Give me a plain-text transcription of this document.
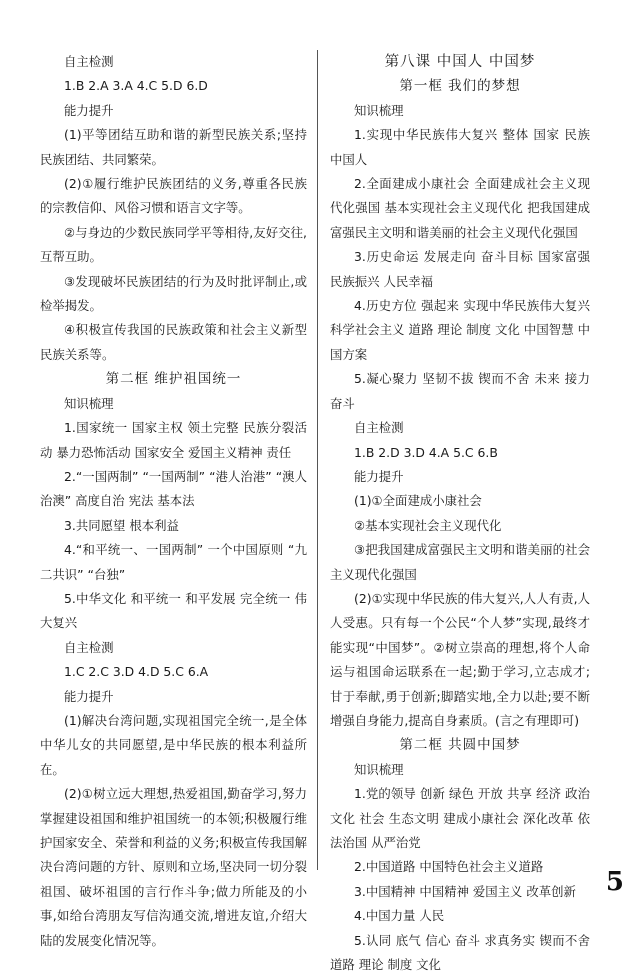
自主检测

1.B 2.A 3.A 4.C 5.D 6.D

能力提升

(1)平等团结互助和谐的新型民族关系;坚持民族团结、共同繁荣。

(2)①履行维护民族团结的义务,尊重各民族的宗教信仰、风俗习惯和语言文字等。

②与身边的少数民族同学平等相待,友好交往,互帮互助。

③发现破坏民族团结的行为及时批评制止,或检举揭发。

④积极宣传我国的民族政策和社会主义新型民族关系等。

第二框 维护祖国统一

知识梳理

1.国家统一 国家主权 领土完整 民族分裂活动 暴力恐怖活动 国家安全 爱国主义精神 责任

2.“一国两制” “一国两制” “港人治港” “澳人治澳” 高度自治 宪法 基本法

3.共同愿望 根本利益

4.“和平统一、一国两制” 一个中国原则 “九二共识” “台独”

5.中华文化 和平统一 和平发展 完全统一 伟大复兴

自主检测

1.C 2.C 3.D 4.D 5.C 6.A

能力提升

(1)解决台湾问题,实现祖国完全统一,是全体中华儿女的共同愿望,是中华民族的根本利益所在。

(2)①树立远大理想,热爱祖国,勤奋学习,努力掌握建设祖国和维护祖国统一的本领;积极履行维护国家安全、荣誉和利益的义务;积极宣传我国解决台湾问题的方针、原则和立场,坚决同一切分裂祖国、破坏祖国的言行作斗争;做力所能及的小事,如给台湾朋友写信沟通交流,增进友谊,介绍大陆的发展变化情况等。

第八课 中国人 中国梦

第一框 我们的梦想

知识梳理

1.实现中华民族伟大复兴 整体 国家 民族 中国人

2.全面建成小康社会 全面建成社会主义现代化强国 基本实现社会主义现代化 把我国建成富强民主文明和谐美丽的社会主义现代化强国

3.历史命运 发展走向 奋斗目标 国家富强 民族振兴 人民幸福

4.历史方位 强起来 实现中华民族伟大复兴 科学社会主义 道路 理论 制度 文化 中国智慧 中国方案

5.凝心聚力 坚韧不拔 锲而不舍 未来 接力奋斗

自主检测

1.B 2.D 3.D 4.A 5.C 6.B

能力提升

(1)①全面建成小康社会

②基本实现社会主义现代化

③把我国建成富强民主文明和谐美丽的社会主义现代化强国

(2)①实现中华民族的伟大复兴,人人有责,人人受惠。只有每一个公民“个人梦”实现,最终才能实现“中国梦”。②树立崇高的理想,将个人命运与祖国命运联系在一起;勤于学习,立志成才;甘于奉献,勇于创新;脚踏实地,全力以赴;要不断增强自身能力,提高自身素质。(言之有理即可)

第二框 共圆中国梦

知识梳理

1.党的领导 创新 绿色 开放 共享 经济 政治 文化 社会 生态文明 建成小康社会 深化改革 依法治国 从严治党

2.中国道路 中国特色社会主义道路

3.中国精神 中国精神 爱国主义 改革创新

4.中国力量 人民

5.认同 底气 信心 奋斗 求真务实 锲而不舍 道路 理论 制度 文化

5
